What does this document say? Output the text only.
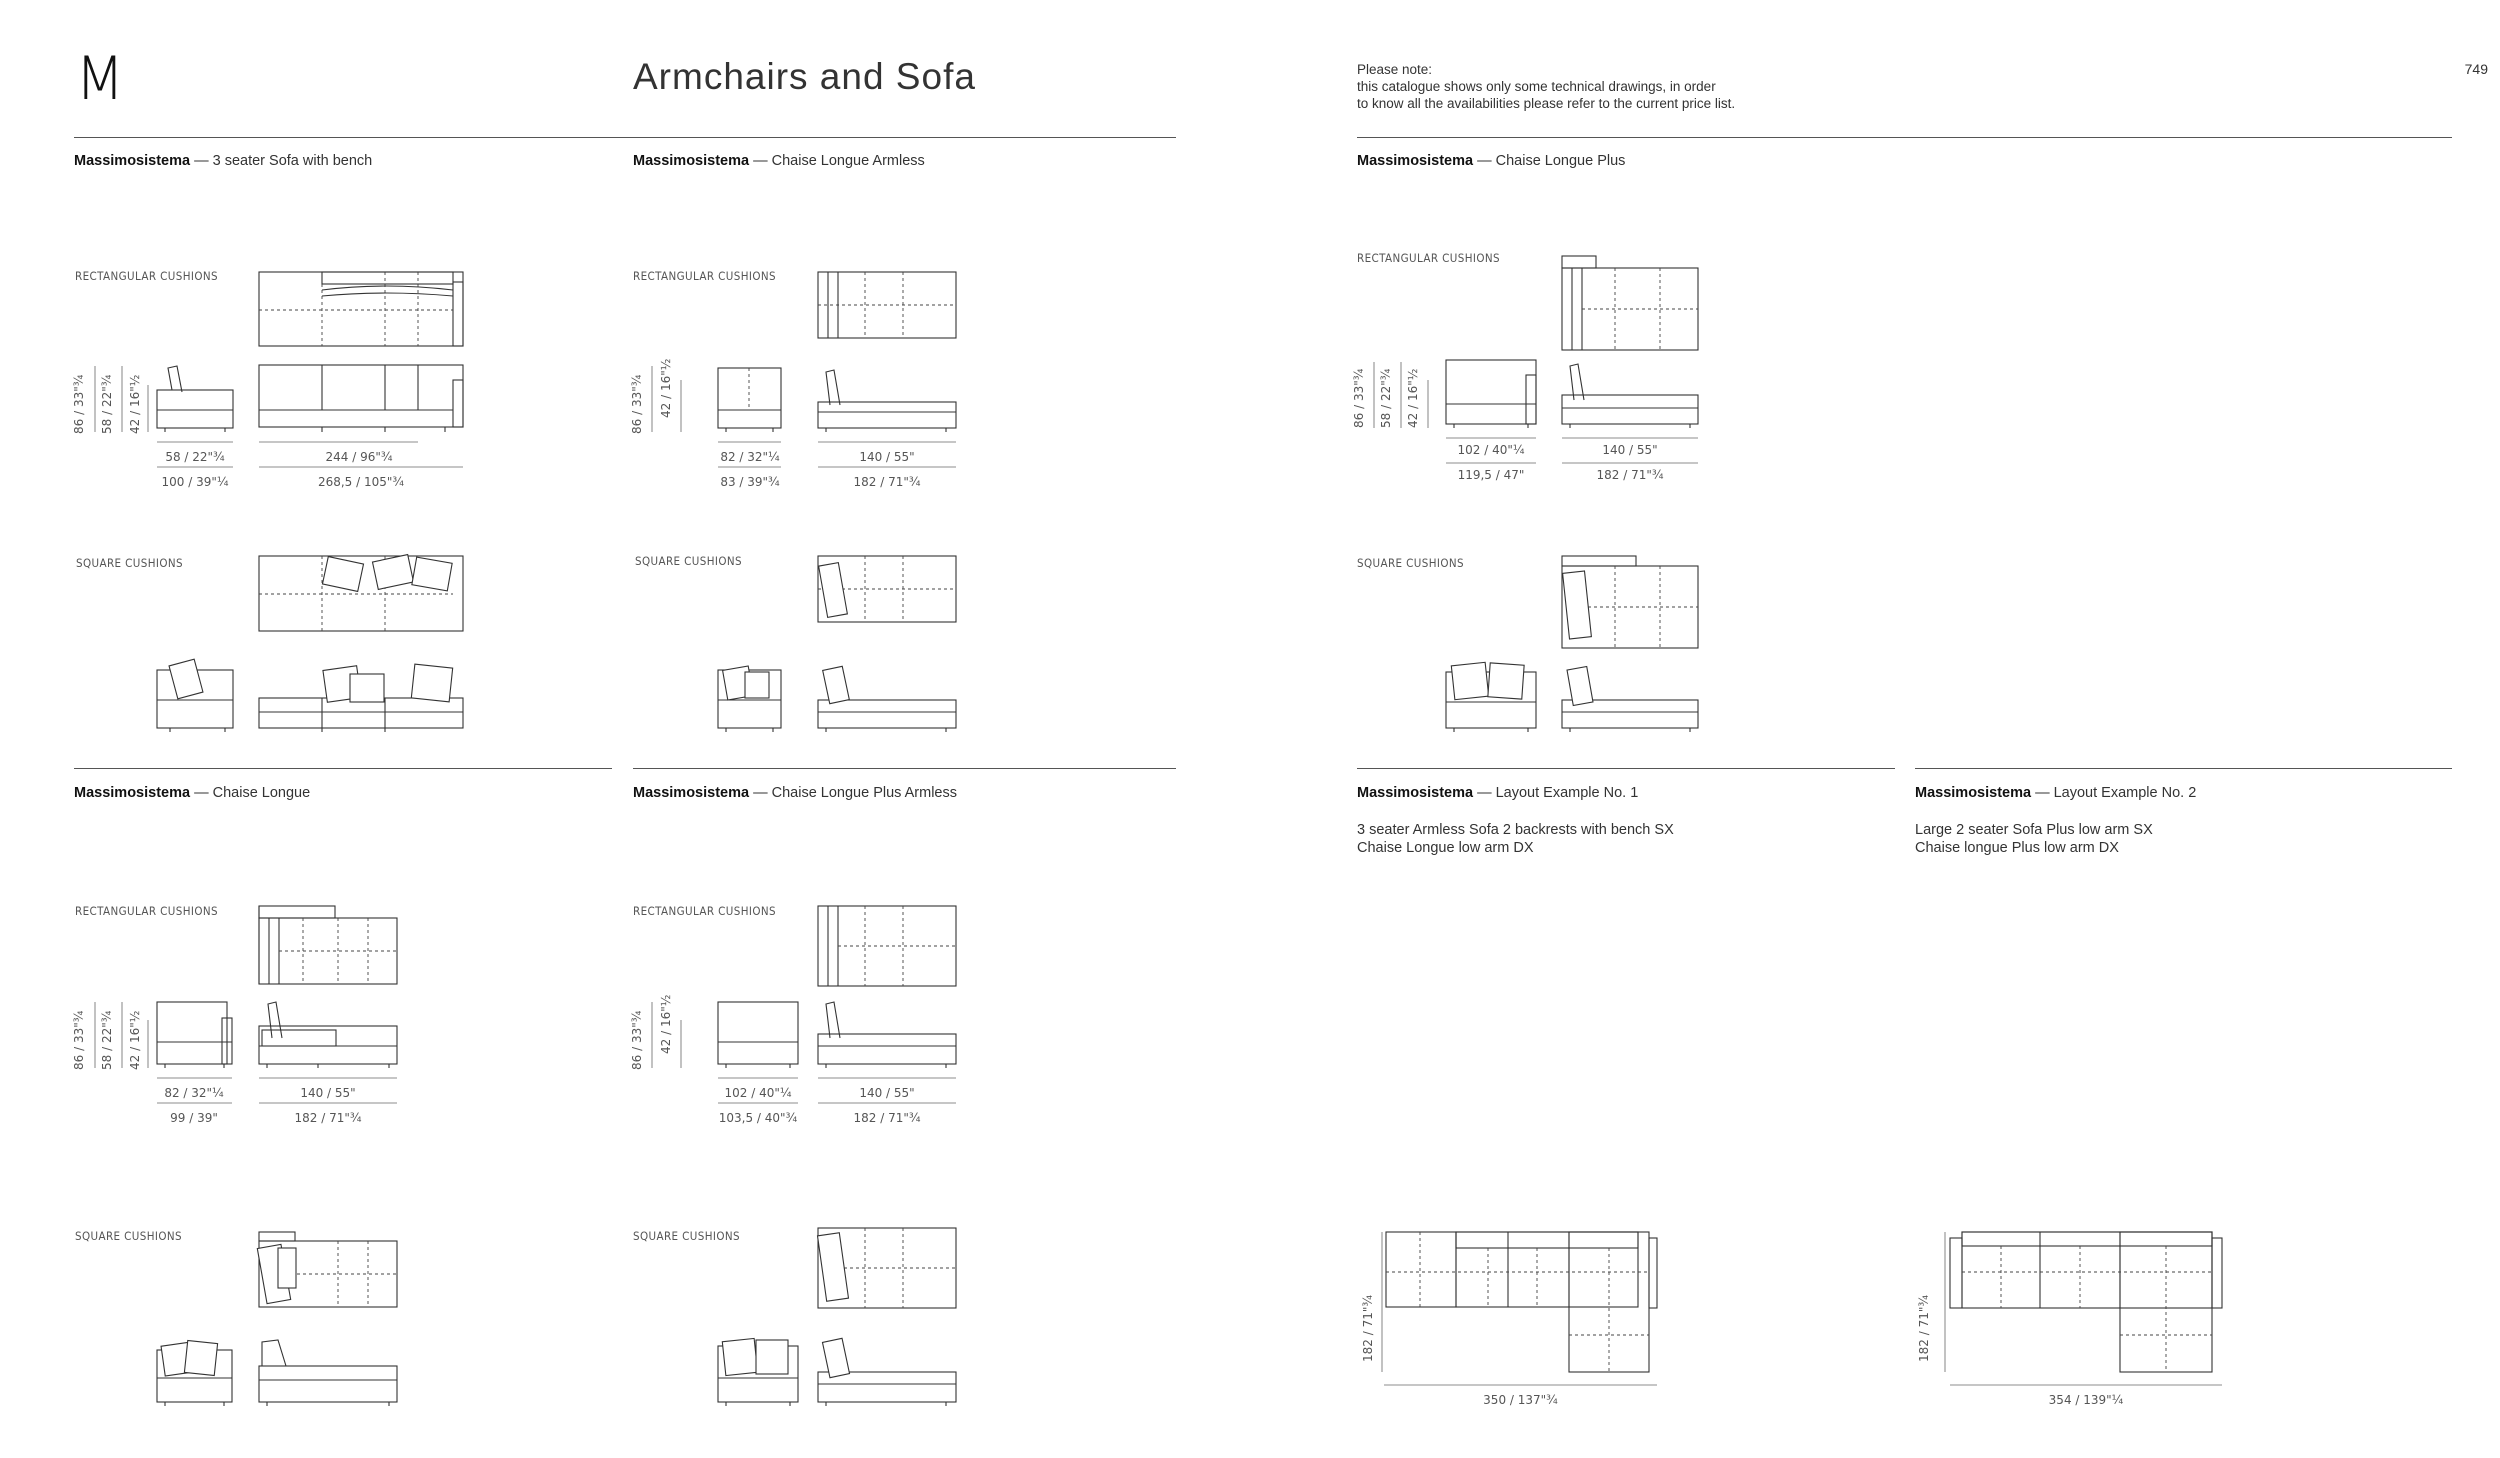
M	Armchairs and Sofa	Please note:
this catalogue shows only some technical drawings, in order
to know all the availabilities please refer to the current price list.
749
Massimosistema — 3 seater Sofa with bench	Massimosistema — Chaise Longue Armless	Massimosistema — Chaise Longue Plus
Massimosistema — Chaise Longue	Massimosistema — Chaise Longue Plus Armless	Massimosistema — Layout Example No. 1	Massimosistema — Layout Example No. 2
3 seater Armless Sofa 2 backrests with bench SX
Chaise Longue low arm DX
Large 2 seater Sofa Plus low arm SX
Chaise longue Plus low arm DX
RECTANGULAR CUSHIONS	RECTANGULAR CUSHIONS
RECTANGULAR CUSHIONS
RECTANGULAR CUSHIONS	RECTANGULAR CUSHIONS
SQUARE CUSHIONS	SQUARE CUSHIONS	SQUARE CUSHIONS
SQUARE CUSHIONS	SQUARE CUSHIONS
86 / 33"¾ 58 / 22"¾ 42 / 16"½
58 / 22"¾	244 / 96"¾
100 / 39"¼	268,5 / 105"¾
86 / 33"¾ 42 / 16"½
82 / 32"¼	140 / 55"
83 / 39"¾	182 / 71"¾
86 / 33"¾ 58 / 22"¾ 42 / 16"½
102 / 40"¼	140 / 55"
119,5 / 47"	182 / 71"¾
86 / 33"¾ 58 / 22"¾ 42 / 16"½
82 / 32"¼	140 / 55"
99 / 39"	182 / 71"¾
86 / 33"¾ 42 / 16"½
102 / 40"¼	140 / 55"
103,5 / 40"¾	182 / 71"¾
182 / 71"¾
350 / 137"¾
182 / 71"¾
354 / 139"¼
